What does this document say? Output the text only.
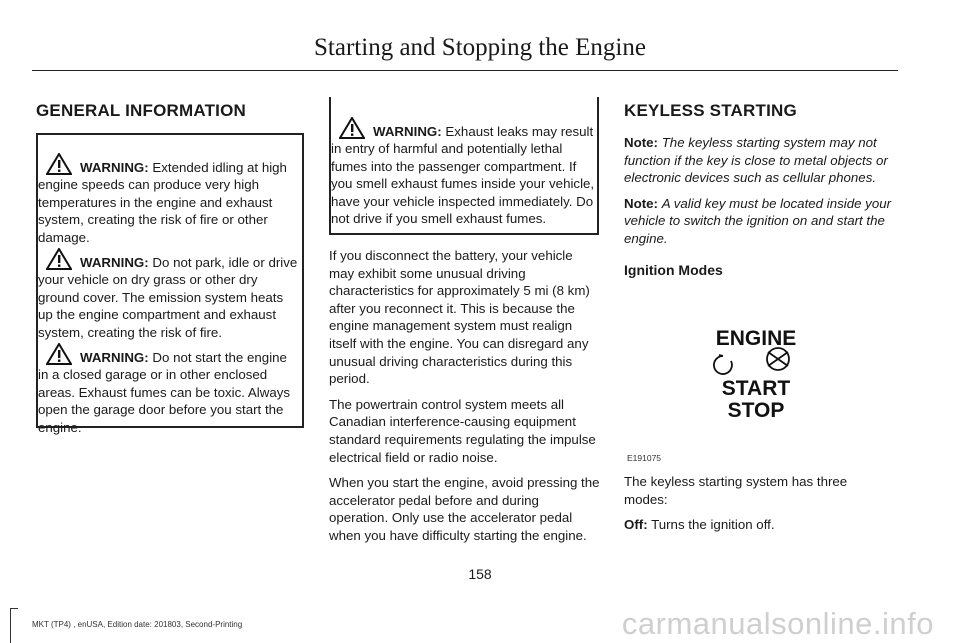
Starting and Stopping the Engine
GENERAL INFORMATION

WARNING: Extended idling at high engine speeds can produce very high temperatures in the engine and exhaust system, creating the risk of fire or other damage.

WARNING: Do not park, idle or drive your vehicle on dry grass or other dry ground cover. The emission system heats up the engine compartment and exhaust system, creating the risk of fire.

WARNING: Do not start the engine in a closed garage or in other enclosed areas. Exhaust fumes can be toxic. Always open the garage door before you start the engine.

WARNING: Exhaust leaks may result in entry of harmful and potentially lethal fumes into the passenger compartment. If you smell exhaust fumes inside your vehicle, have your vehicle inspected immediately. Do not drive if you smell exhaust fumes.

If you disconnect the battery, your vehicle may exhibit some unusual driving characteristics for approximately 5 mi (8 km) after you reconnect it. This is because the engine management system must realign itself with the engine. You can disregard any unusual driving characteristics during this period.

The powertrain control system meets all Canadian interference-causing equipment standard requirements regulating the impulse electrical field or radio noise.

When you start the engine, avoid pressing the accelerator pedal before and during operation. Only use the accelerator pedal when you have difficulty starting the engine.

KEYLESS STARTING

Note: The keyless starting system may not function if the key is close to metal objects or electronic devices such as cellular phones.

Note: A valid key must be located inside your vehicle to switch the ignition on and start the engine.

Ignition Modes
ENGINE
START
STOP
E191075

The keyless starting system has three modes:

Off: Turns the ignition off.

158
MKT (TP4) , enUSA, Edition date: 201803, Second-Printing	carmanualsonline.info
